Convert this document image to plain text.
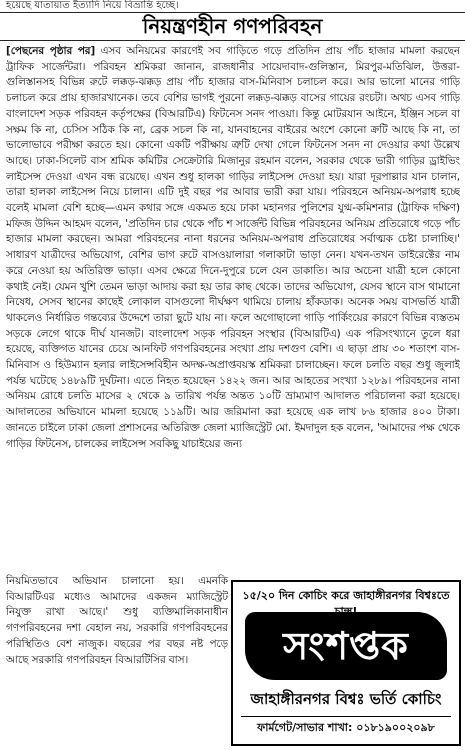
হয়েছে যাতায়াত ইত্যাদি নিয়ে বিভ্রান্তি হচ্ছে।
নিয়ন্ত্রণহীন গণপরিবহন
[পেছনের পৃষ্ঠার পর] এসব অনিয়মের কারণেই সব গাড়িতে গড়ে প্রতিদিন প্রায় পাঁচ হাজার মামলা করছেন ট্রাফিক সার্জেন্টরা। পরিবহন শ্রমিকরা জানান, রাজধানীর সায়েদাবাদ-গুলিস্তান, মিরপুর-মতিঝিল, উত্তরা-গুলিস্তানসহ বিভিন্ন রুটে লক্কড়-ঝক্কড় প্রায় পাঁচ হাজার বাস-মিনিবাস চলাচল করে। আর ভালো মানের গাড়ি চলাচল করে প্রায় হাজারখানেক। তবে বেশির ভাগই পুরনো লক্কড়-ঝক্কড় বাসের গায়ের রংচটা। অথচ এসব গাড়ি বাংলাদেশ সড়ক পরিবহন কর্তৃপক্ষের (বিআরটিএ) ফিটনেস সনদ পাওয়া। কিন্তু মোটরযান আইনে, ইঞ্জিন সচল বা সক্ষম কি না, চেসিস সঠিক কি না, ব্রেক সচল কি না, যানবাহনের বাইরের অংশে কোনো ক্রটি আছে কি না, তা ভালোভাবে পরীক্ষা করতে হয়। কোনো একটি পরীক্ষায় ত্রুটি দেখা গেলে ফিটনেস সনদ না দেওয়ার কথা উল্লেখ আছে। ঢাকা-সিলেট বাস শ্রমিক কমিটির সেক্রেটারি মিজানুর রহমান বলেন, সরকার থেকে ভারী গাড়ির ড্রাইভিং লাইসেন্স দেওয়া এখন বন্ধ রয়েছে। এখন শুধু হালকা গাড়ির লাইসেন্স দেওয়া হয়। যারা দূরপাল্লার যান চালান, তারা হালকা লাইসেন্স নিয়ে চালান। এটি দুই বছর পর আবার ভারী করা যায়। পরিবহনে অনিয়ম-অপরাধ হচ্ছে বলেই মামলা বেশি হচ্ছে—এমন কথার সঙ্গে একমত হয়ে ঢাকা মহানগর পুলিশের যুগ্ম-কমিশনার (ট্রাফিক দক্ষিণ) মফিজ উদ্দিন আহমদ বলেন, 'প্রতিদিন চার থেকে পাঁচ শ সার্জেন্ট বিভিন্ন পরিবহনের অনিয়ম প্রতিরোধে গড়ে পাঁচ হাজার মামলা করছেন। আমরা পরিবহনের নানা ধরনের অনিয়ম-অপরাধ প্রতিরোধের সর্বাত্মক চেষ্টা চালাচ্ছি।' সাধারণ যাত্রীদের অভিযোগ, বেশির ভাগ রুটে বাসওয়ালারা গলাকাটা ভাড়া নেন। যখন-তখন ডাইরেক্টের নাম করে নেওয়া হয় অতিরিক্ত ভাড়া। এসব ক্ষেত্রে দিনে-দুপুরে চলে যেন ডাকাতি। আর অচেনা যাত্রী হলে কোনো কথাই নেই। যেমন খুশি তেমন ভাড়া আদায় করা হয় তার কাছ থেকে। তাদের অভিযোগ, যেসব স্থানে বাস থামানো নিষেধ, সেসব স্থানের কাছেই লোকাল বাসগুলো দীর্ঘক্ষণ থামিয়ে চালায় হাঁকডাক। অনেক সময় বাসভর্তি যাত্রী থাকলেও নির্ধারিত গন্তব্যের উদ্দেশে তারা ছুটে যায় না। ফলে অগোছালো গাড়ি পার্কিংয়ের কারণে বিভিন্ন ব্যস্ততম সড়কে লেগে থাকে দীর্ঘ যানজট। বাংলাদেশ সড়ক পরিবহন সংস্থার (বিআরটিএ) এক পরিসংখ্যানে তুলে ধরা হয়েছে, ব্যক্তিগত যানের চেয়ে আনফিট গণপরিবহনের সংখ্যা প্রায় দশগুণ বেশি। এ ছাড়া প্রায় ৩০ শতাংশ বাস-মিনিবাস ও হিউম্যান হলার লাইসেন্সবিহীন অদক্ষ-অপ্রাপ্তবয়স্ক শ্রমিকরা চালাচ্ছেন। ফলে চলতি বছর শুধু জুলাই পর্যন্ত ঘটেছে ১৪৮৯টি দুর্ঘটনা। এতে নিহত হয়েছেন ১৪২২ জন। আর আহতের সংখ্যা ১২৮৯। পরিবহনের নানা অনিয়ম রোধে চলতি মাসের ২ থেকে ৯ তারিখ পর্যন্ত অন্তত ১০টি ভ্রাম্যমাণ আদালত পরিচালনা করা হয়েছে। আদালতের অভিযানে মামলা হয়েছে ১১৯টি। আর জরিমানা করা হয়েছে এক লাখ ৮৬ হাজার ৪০০ টাকা। জানতে চাইলে ঢাকা জেলা প্রশাসনের অতিরিক্ত জেলা ম্যাজিস্ট্রেট মো. ইমদাদুল হক বলেন, 'আমাদের পক্ষ থেকে গাড়ির ফিটনেস, চালকের লাইসেন্স সবকিছু যাচাইয়ের জন্য
নিয়মিতভাবে অভিযান চালানো হয়। এমনকি বিআরটিএর মধ্যেও আমাদের একজন ম্যাজিস্ট্রেট নিযুক্ত রাখা আছে।' শুধু ব্যক্তিমালিকানাধীন গণপরিবহনের দশা বেহাল নয়, সরকারি গণপরিবহনের পরিস্থিতিও বেশ নাজুক। বছরের পর বছর নষ্ট পড়ে আছে সরকারি গণপরিবহন বিআরটিসির বাস।
১৫/২০ দিন কোচিং করে জাহাঙ্গীরনগর বিশ্বঃতে
সংশপ্তক
জাহাঙ্গীরনগর বিশ্বঃ ভর্তি কোচিং
ফার্মগেট/সাভার শাখা: ০১৮১৯০০২০৯৮
